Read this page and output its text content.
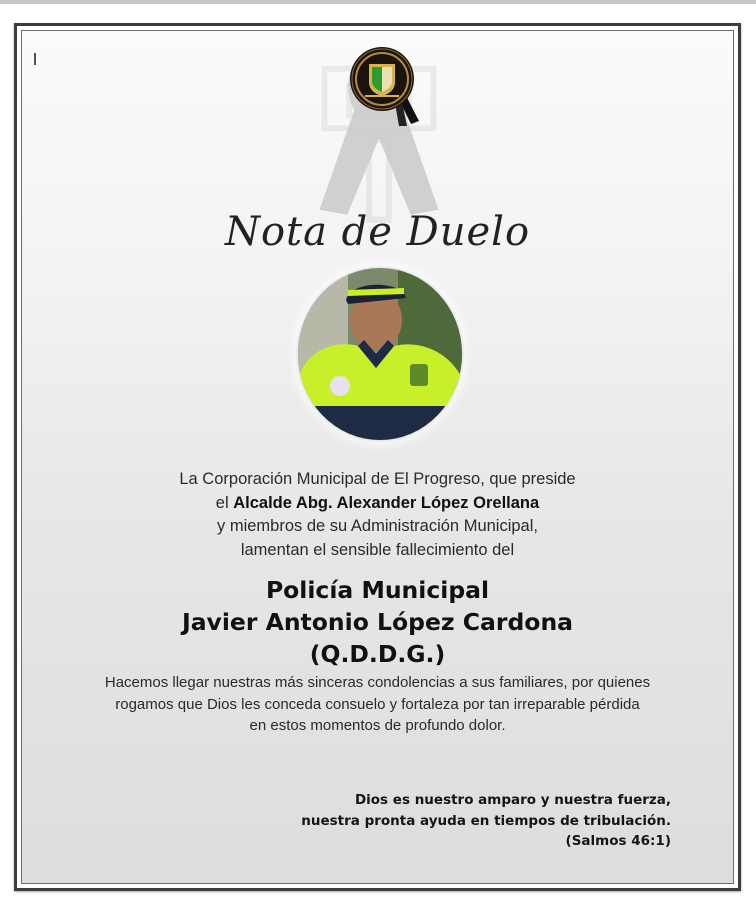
Nota de Duelo
La Corporación Municipal de El Progreso, que preside
el Alcalde Abg. Alexander López Orellana
y miembros de su Administración Municipal,
lamentan el sensible fallecimiento del
Policía Municipal
Javier Antonio López Cardona
(Q.D.D.G.)
Hacemos llegar nuestras más sinceras condolencias a sus familiares, por quienes
rogamos que Dios les conceda consuelo y fortaleza por tan irreparable pérdida
en estos momentos de profundo dolor.
Dios es nuestro amparo y nuestra fuerza,
nuestra pronta ayuda en tiempos de tribulación.
(Salmos 46:1)
